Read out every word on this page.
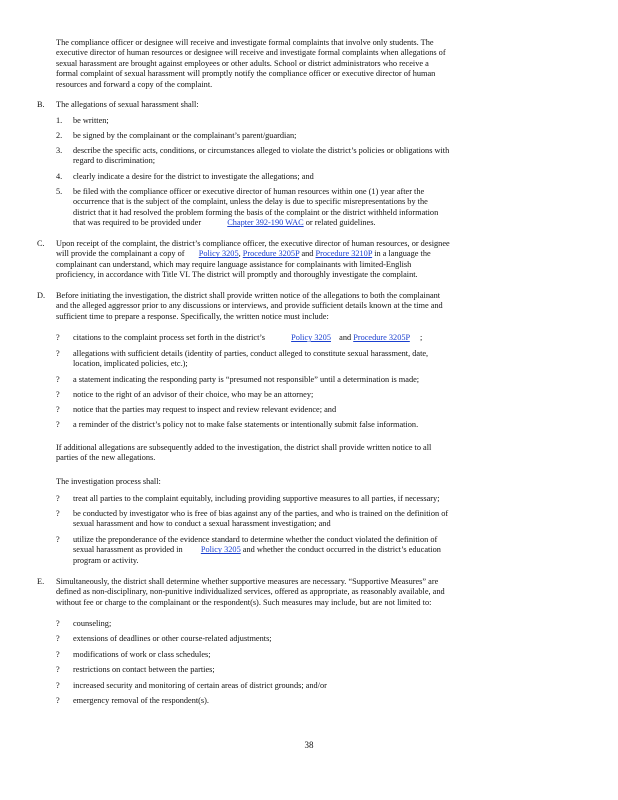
The compliance officer or designee will receive and investigate formal complaints that involve only students. The
executive director of human resources or designee will receive and investigate formal complaints when allegations of
sexual harassment are brought against employees or other adults. School or district administrators who receive a
formal complaint of sexual harassment will promptly notify the compliance officer or executive director of human
resources and forward a copy of the complaint.
B. The allegations of sexual harassment shall:
1. be written;
2. be signed by the complainant or the complainant’s parent/guardian;
3. describe the specific acts, conditions, or circumstances alleged to violate the district’s policies or obligations with
regard to discrimination;
4. clearly indicate a desire for the district to investigate the allegations; and
5. be filed with the compliance officer or executive director of human resources within one (1) year after the
occurrence that is the subject of the complaint, unless the delay is due to specific misrepresentations by the
district that it had resolved the problem forming the basis of the complaint or the district withheld information
that was required to be provided under	Chapter 392-190 WAC or related guidelines.
C. Upon receipt of the complaint, the district’s compliance officer, the executive director of human resources, or designee
will provide the complainant a copy of Policy 3205, Procedure 3205P and Procedure 3210P in a language the
complainant can understand, which may require language assistance for complainants with limited-English
proficiency, in accordance with Title VI. The district will promptly and thoroughly investigate the complaint.
D. Before initiating the investigation, the district shall provide written notice of the allegations to both the complainant
and the alleged aggressor prior to any discussions or interviews, and provide sufficient details known at the time and
sufficient time to prepare a response. Specifically, the written notice must include:
? citations to the complaint process set forth in the district’s	Policy 3205 and Procedure 3205P ;
? allegations with sufficient details (identity of parties, conduct alleged to constitute sexual harassment, date,
location, implicated policies, etc.);
? a statement indicating the responding party is “presumed not responsible” until a determination is made;
? notice to the right of an advisor of their choice, who may be an attorney;
? notice that the parties may request to inspect and review relevant evidence; and
? a reminder of the district’s policy not to make false statements or intentionally submit false information.
If additional allegations are subsequently added to the investigation, the district shall provide written notice to all
parties of the new allegations.
The investigation process shall:
? treat all parties to the complaint equitably, including providing supportive measures to all parties, if necessary;
? be conducted by investigator who is free of bias against any of the parties, and who is trained on the definition of
sexual harassment and how to conduct a sexual harassment investigation; and
? utilize the preponderance of the evidence standard to determine whether the conduct violated the definition of
sexual harassment as provided in Policy 3205 and whether the conduct occurred in the district’s education
program or activity.
E. Simultaneously, the district shall determine whether supportive measures are necessary. “Supportive Measures” are
defined as non-disciplinary, non-punitive individualized services, offered as appropriate, as reasonably available, and
without fee or charge to the complainant or the respondent(s). Such measures may include, but are not limited to:
? counseling;
? extensions of deadlines or other course-related adjustments;
? modifications of work or class schedules;
? restrictions on contact between the parties;
? increased security and monitoring of certain areas of district grounds; and/or
? emergency removal of the respondent(s).
38
